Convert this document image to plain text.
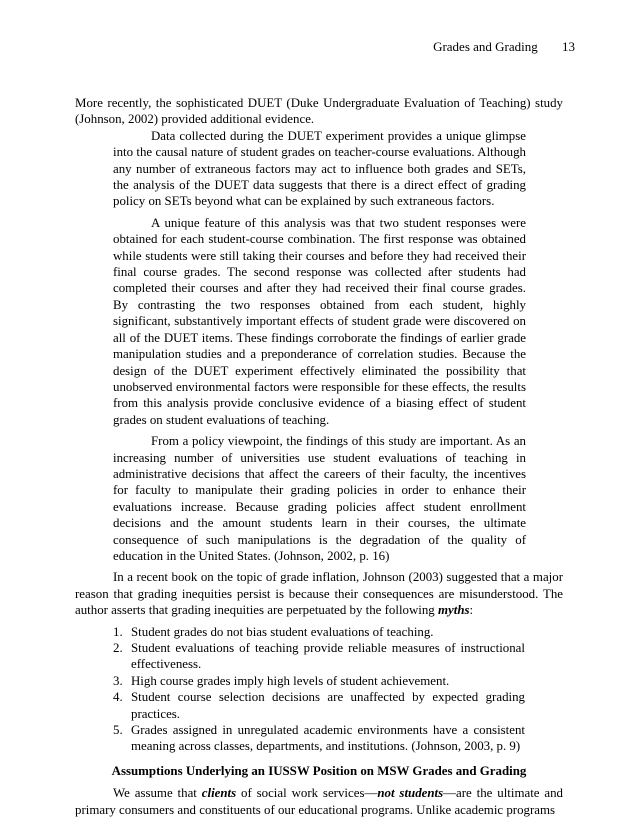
Grades and Grading 13

More recently, the sophisticated DUET (Duke Undergraduate Evaluation of Teaching) study (Johnson, 2002) provided additional evidence.

Data collected during the DUET experiment provides a unique glimpse into the causal nature of student grades on teacher-course evaluations. Although any number of extraneous factors may act to influence both grades and SETs, the analysis of the DUET data suggests that there is a direct effect of grading policy on SETs beyond what can be explained by such extraneous factors.

A unique feature of this analysis was that two student responses were obtained for each student-course combination. The first response was obtained while students were still taking their courses and before they had received their final course grades. The second response was collected after students had completed their courses and after they had received their final course grades. By contrasting the two responses obtained from each student, highly significant, substantively important effects of student grade were discovered on all of the DUET items. These findings corroborate the findings of earlier grade manipulation studies and a preponderance of correlation studies. Because the design of the DUET experiment effectively eliminated the possibility that unobserved environmental factors were responsible for these effects, the results from this analysis provide conclusive evidence of a biasing effect of student grades on student evaluations of teaching.

From a policy viewpoint, the findings of this study are important. As an increasing number of universities use student evaluations of teaching in administrative decisions that affect the careers of their faculty, the incentives for faculty to manipulate their grading policies in order to enhance their evaluations increase. Because grading policies affect student enrollment decisions and the amount students learn in their courses, the ultimate consequence of such manipulations is the degradation of the quality of education in the United States. (Johnson, 2002, p. 16)

In a recent book on the topic of grade inflation, Johnson (2003) suggested that a major reason that grading inequities persist is because their consequences are misunderstood. The author asserts that grading inequities are perpetuated by the following myths:

1. Student grades do not bias student evaluations of teaching.
2. Student evaluations of teaching provide reliable measures of instructional effectiveness.
3. High course grades imply high levels of student achievement.
4. Student course selection decisions are unaffected by expected grading practices.
5. Grades assigned in unregulated academic environments have a consistent meaning across classes, departments, and institutions. (Johnson, 2003, p. 9)
Assumptions Underlying an IUSSW Position on MSW Grades and Grading

We assume that clients of social work services—not students—are the ultimate and primary consumers and constituents of our educational programs. Unlike academic programs
